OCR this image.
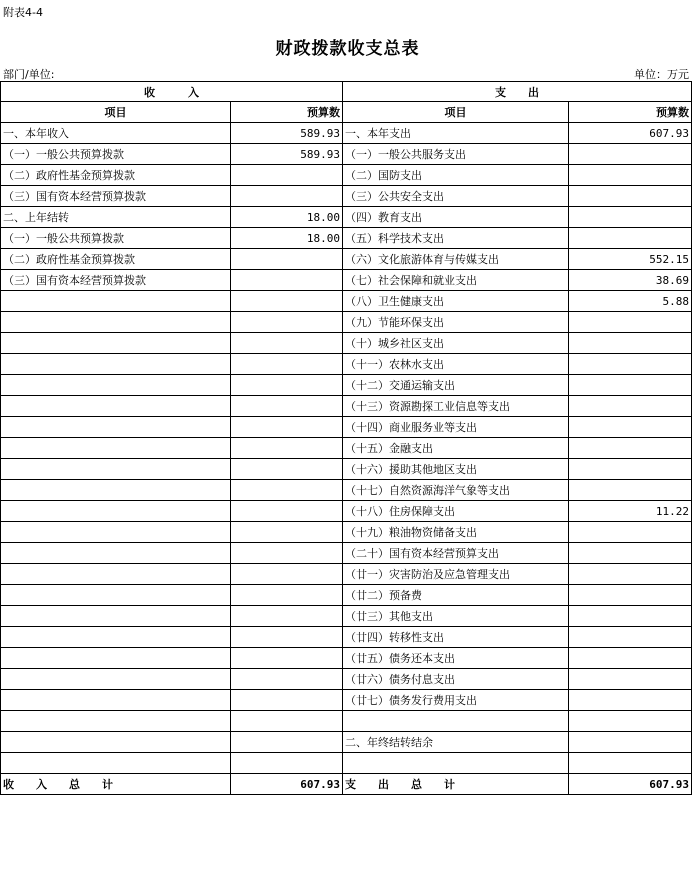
附表4-4
财政拨款收支总表
部门/单位:	单位：万元
收　　　入		支　　出	
项目	预算数	项目	预算数
一、本年收入	589.93	一、本年支出	607.93
（一）一般公共预算拨款	589.93	（一）一般公共服务支出	
（二）政府性基金预算拨款		（二）国防支出	
（三）国有资本经营预算拨款		（三）公共安全支出	
二、上年结转	18.00	（四）教育支出	
（一）一般公共预算拨款	18.00	（五）科学技术支出	
（二）政府性基金预算拨款		（六）文化旅游体育与传媒支出	552.15
（三）国有资本经营预算拨款		（七）社会保障和就业支出	38.69
		（八）卫生健康支出	5.88
		（九）节能环保支出	
		（十）城乡社区支出	
		（十一）农林水支出	
		（十二）交通运输支出	
		（十三）资源勘探工业信息等支出	
		（十四）商业服务业等支出	
		（十五）金融支出	
		（十六）援助其他地区支出	
		（十七）自然资源海洋气象等支出	
		（十八）住房保障支出	11.22
		（十九）粮油物资储备支出	
		（二十）国有资本经营预算支出	
		（廿一）灾害防治及应急管理支出	
		（廿二）预备费	
		（廿三）其他支出	
		（廿四）转移性支出	
		（廿五）债务还本支出	
		（廿六）债务付息支出	
		（廿七）债务发行费用支出	

		二、年终结转结余	

收　　入　　总　　计	607.93	支　　出　　总　　计	607.93
